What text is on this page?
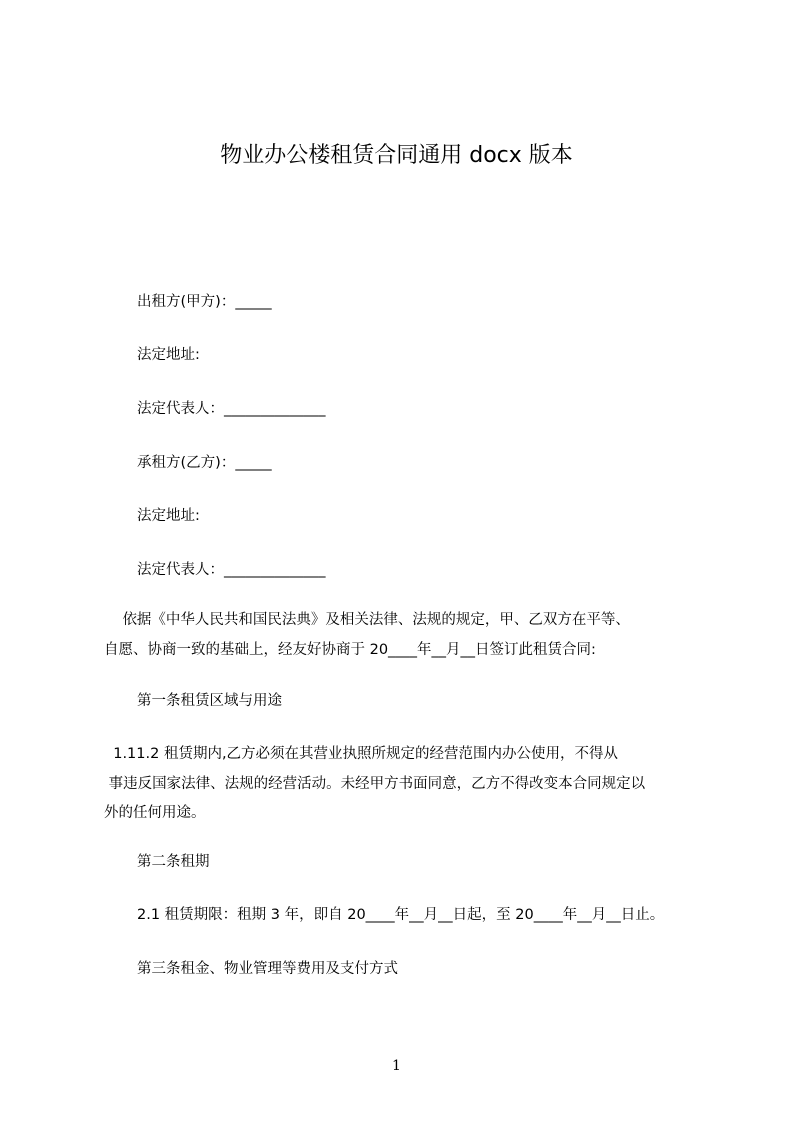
物业办公楼租赁合同通用 docx 版本

出租方(甲方)：_____

法定地址:

法定代表人：______________

承租方(乙方)：_____

法定地址:

法定代表人：______________

依据《中华人民共和国民法典》及相关法律、法规的规定，甲、乙双方在平等、

自愿、协商一致的基础上，经友好协商于 20____年__月__日签订此租赁合同:

第一条租赁区域与用途

1.11.2 租赁期内,乙方必须在其营业执照所规定的经营范围内办公使用，不得从

事违反国家法律、法规的经营活动。未经甲方书面同意，乙方不得改变本合同规定以

外的任何用途。

第二条租期

2.1 租赁期限：租期 3 年，即自 20____年__月__日起，至 20____年__月__日止。

第三条租金、物业管理等费用及支付方式

1
